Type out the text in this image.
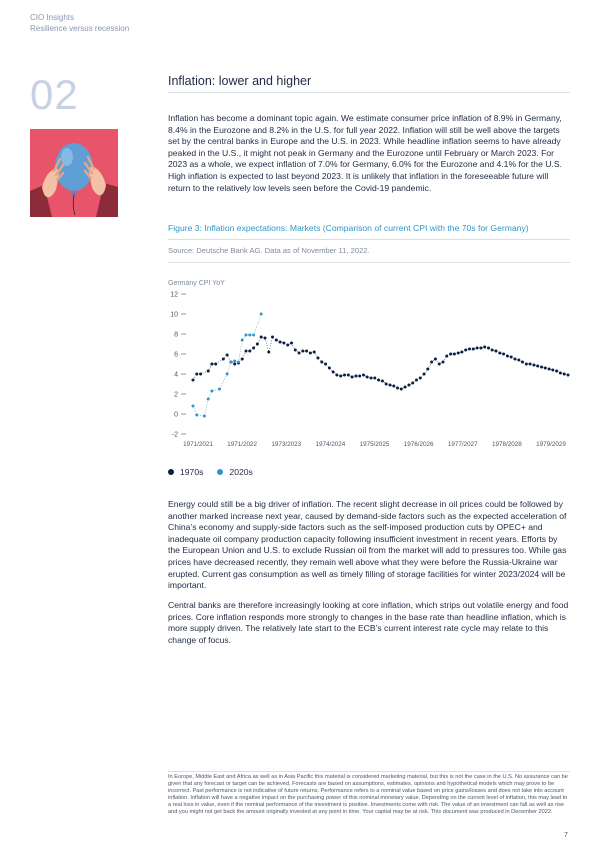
CIO Insights
Resilience versus recession
02	Inflation: lower and higher

Inflation has become a dominant topic again. We estimate consumer price inflation of 8.9% in Germany, 8.4% in the Eurozone and 8.2% in the U.S. for full year 2022. Inflation will still be well above the targets set by the central banks in Europe and the U.S. in 2023. While headline inflation seems to have already peaked in the U.S., it might not peak in Germany and the Eurozone until February or March 2023. For 2023 as a whole, we expect inflation of 7.0% for Germany, 6.0% for the Eurozone and 4.1% for the U.S. High inflation is expected to last beyond 2023. It is unlikely that inflation in the foreseeable future will return to the relatively low levels seen before the Covid-19 pandemic.

Figure 3: Inflation expectations: Markets (Comparison of current CPI with the 70s for Germany)
Source: Deutsche Bank AG. Data as of November 11, 2022.
Germany CPI YoY
12
10
8
6
4
2
0
-2
1971/2021 1971/2022 1973/2023 1974/2024 1975/2025 1976/2026 1977/2027 1978/2028 1979/2029
1970s	2020s

Energy could still be a big driver of inflation. The recent slight decrease in oil prices could be followed by another marked increase next year, caused by demand-side factors such as the expected acceleration of China’s economy and supply-side factors such as the self-imposed production cuts by OPEC+ and inadequate oil company production capacity following insufficient investment in recent years. Efforts by the European Union and U.S. to exclude Russian oil from the market will add to pressures too. While gas prices have decreased recently, they remain well above what they were before the Russia-Ukraine war erupted. Current gas consumption as well as timely filling of storage facilities for winter 2023/2024 will be important.

Central banks are therefore increasingly looking at core inflation, which strips out volatile energy and food prices. Core inflation responds more strongly to changes in the base rate than headline inflation, which is more supply driven. The relatively late start to the ECB’s current interest rate cycle may relate to this change of focus.

In Europe, Middle East and Africa as well as in Asia Pacific this material is considered marketing material, but this is not the case in the U.S. No assurance can be given that any forecast or target can be achieved. Forecasts are based on assumptions, estimates, opinions and hypothetical models which may prove to be incorrect. Past performance is not indicative of future returns. Performance refers to a nominal value based on price gains/losses and does not take into account inflation. Inflation will have a negative impact on the purchasing power of this nominal monetary value. Depending on the current level of inflation, this may lead to a real loss in value, even if the nominal performance of the investment is positive. Investments come with risk. The value of an investment can fall as well as rise and you might not get back the amount originally invested at any point in time. Your capital may be at risk. This document was produced in December 2022.

7
